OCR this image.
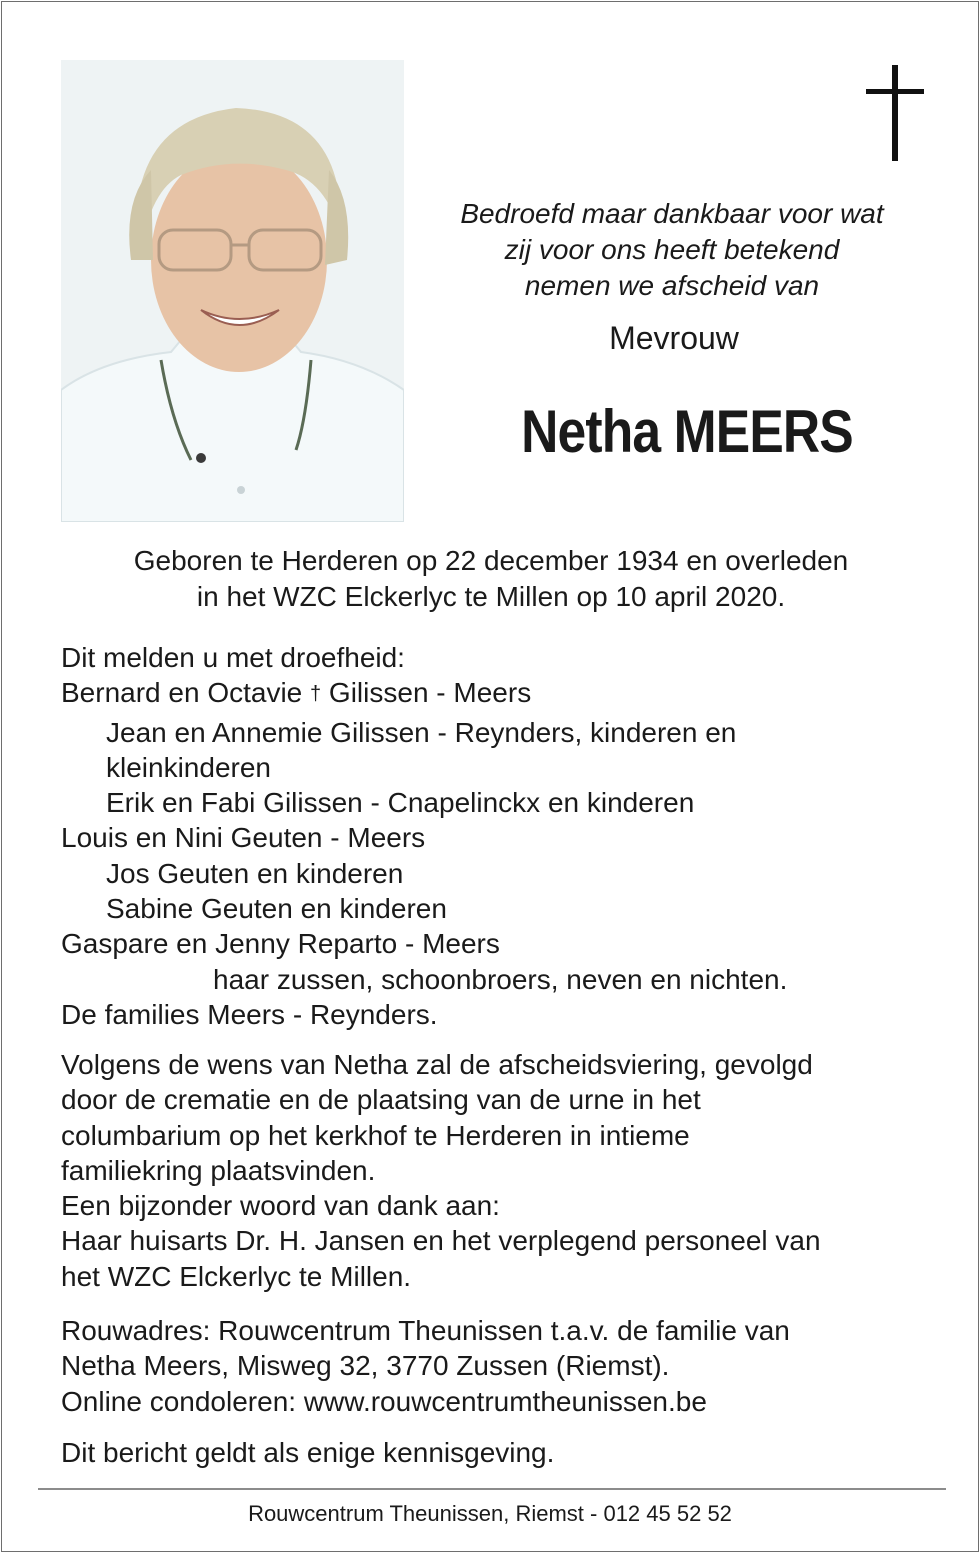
Bedroefd maar dankbaar voor wat
zij voor ons heeft betekend
nemen we afscheid van
Mevrouw
Netha MEERS
Geboren te Herderen op 22 december 1934 en overleden
in het WZC Elckerlyc te Millen op 10 april 2020.
Dit melden u met droefheid:
Bernard en Octavie † Gilissen - Meers
Jean en Annemie Gilissen - Reynders, kinderen en
kleinkinderen
Erik en Fabi Gilissen - Cnapelinckx en kinderen
Louis en Nini Geuten - Meers
Jos Geuten en kinderen
Sabine Geuten en kinderen
Gaspare en Jenny Reparto - Meers
haar zussen, schoonbroers, neven en nichten.
De families Meers - Reynders.
Volgens de wens van Netha zal de afscheidsviering, gevolgd
door de crematie en de plaatsing van de urne in het
columbarium op het kerkhof te Herderen in intieme
familiekring plaatsvinden.
Een bijzonder woord van dank aan:
Haar huisarts Dr. H. Jansen en het verplegend personeel van
het WZC Elckerlyc te Millen.
Rouwadres: Rouwcentrum Theunissen t.a.v. de familie van
Netha Meers, Misweg 32, 3770 Zussen (Riemst).
Online condoleren: www.rouwcentrumtheunissen.be
Dit bericht geldt als enige kennisgeving.
Rouwcentrum Theunissen, Riemst - 012 45 52 52
